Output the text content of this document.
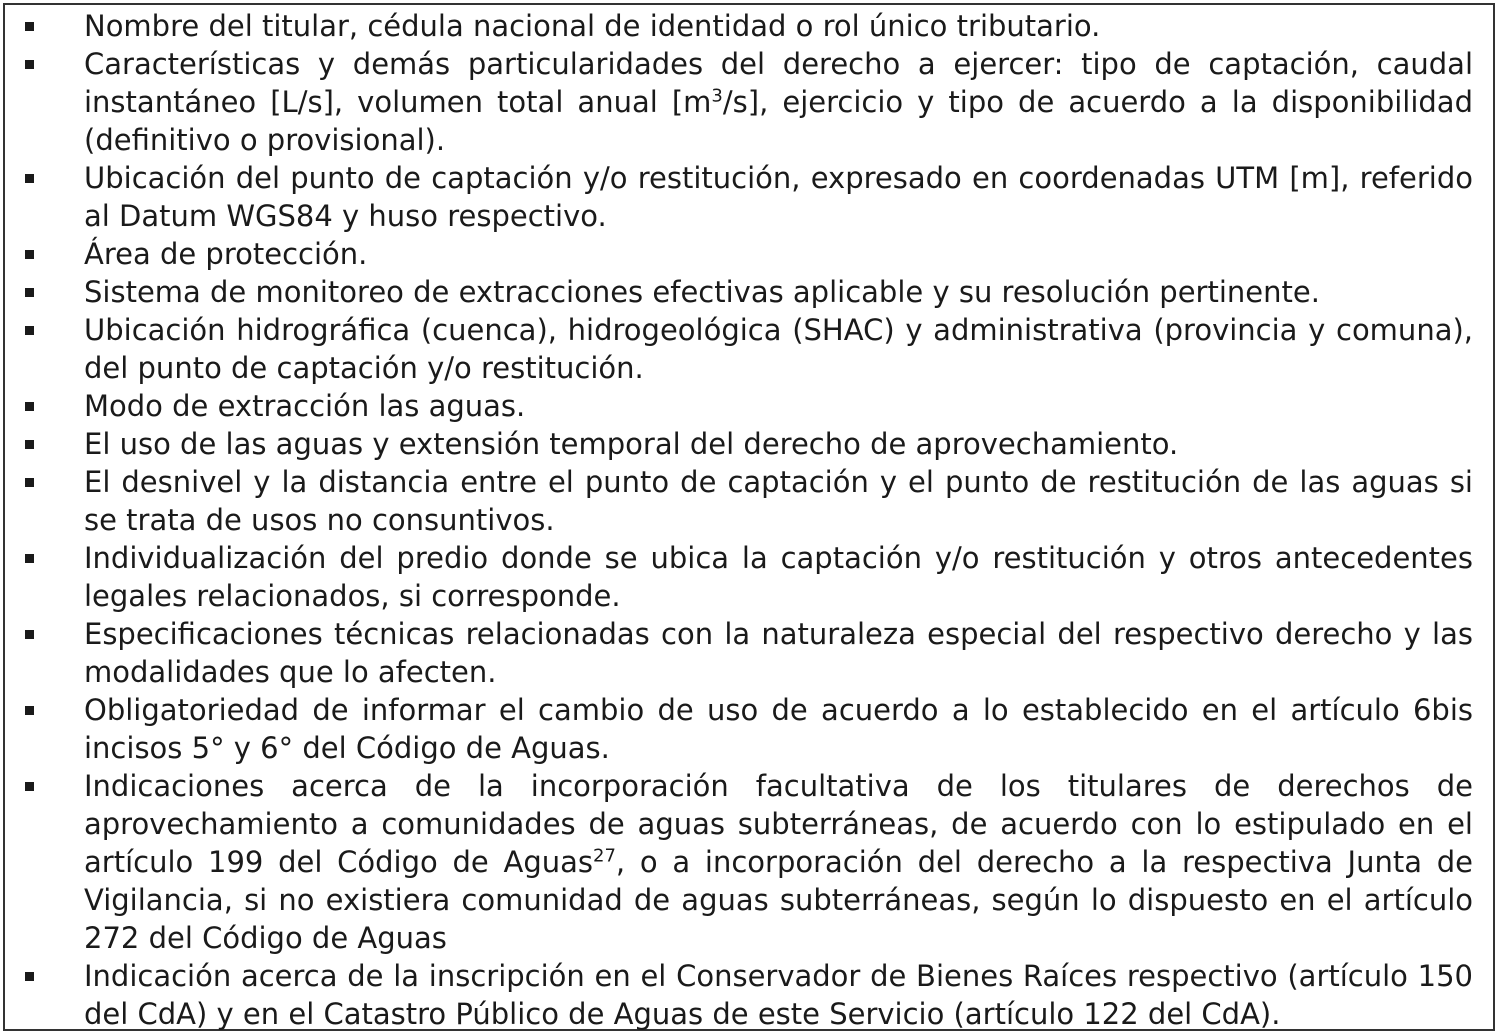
Nombre del titular, cédula nacional de identidad o rol único tributario.
Características y demás particularidades del derecho a ejercer: tipo de captación, caudal instantáneo [L/s], volumen total anual $[m^3/s]$, ejercicio y tipo de acuerdo a la disponibilidad (definitivo o provisional).
Ubicación del punto de captación y/o restitución, expresado en coordenadas UTM [m], referido al Datum WGS84 y huso respectivo.
Área de protección.
Sistema de monitoreo de extracciones efectivas aplicable y su resolución pertinente.
Ubicación hidrográfica (cuenca), hidrogeológica (SHAC) y administrativa (provincia y comuna), del punto de captación y/o restitución.
Modo de extracción las aguas.
El uso de las aguas y extensión temporal del derecho de aprovechamiento.
El desnivel y la distancia entre el punto de captación y el punto de restitución de las aguas si se trata de usos no consuntivos.
Individualización del predio donde se ubica la captación y/o restitución y otros antecedentes legales relacionados, si corresponde.
Especificaciones técnicas relacionadas con la naturaleza especial del respectivo derecho y las modalidades que lo afecten.
Obligatoriedad de informar el cambio de uso de acuerdo a lo establecido en el artículo 6bis incisos 5° y 6° del Código de Aguas.
Indicaciones acerca de la incorporación facultativa de los titulares de derechos de aprovechamiento a comunidades de aguas subterráneas, de acuerdo con lo estipulado en el artículo 199 del Código de Aguas$^{27}$, o a incorporación del derecho a la respectiva Junta de Vigilancia, si no existiera comunidad de aguas subterráneas, según lo dispuesto en el artículo 272 del Código de Aguas
Indicación acerca de la inscripción en el Conservador de Bienes Raíces respectivo (artículo 150 del CdA) y en el Catastro Público de Aguas de este Servicio (artículo 122 del CdA).
